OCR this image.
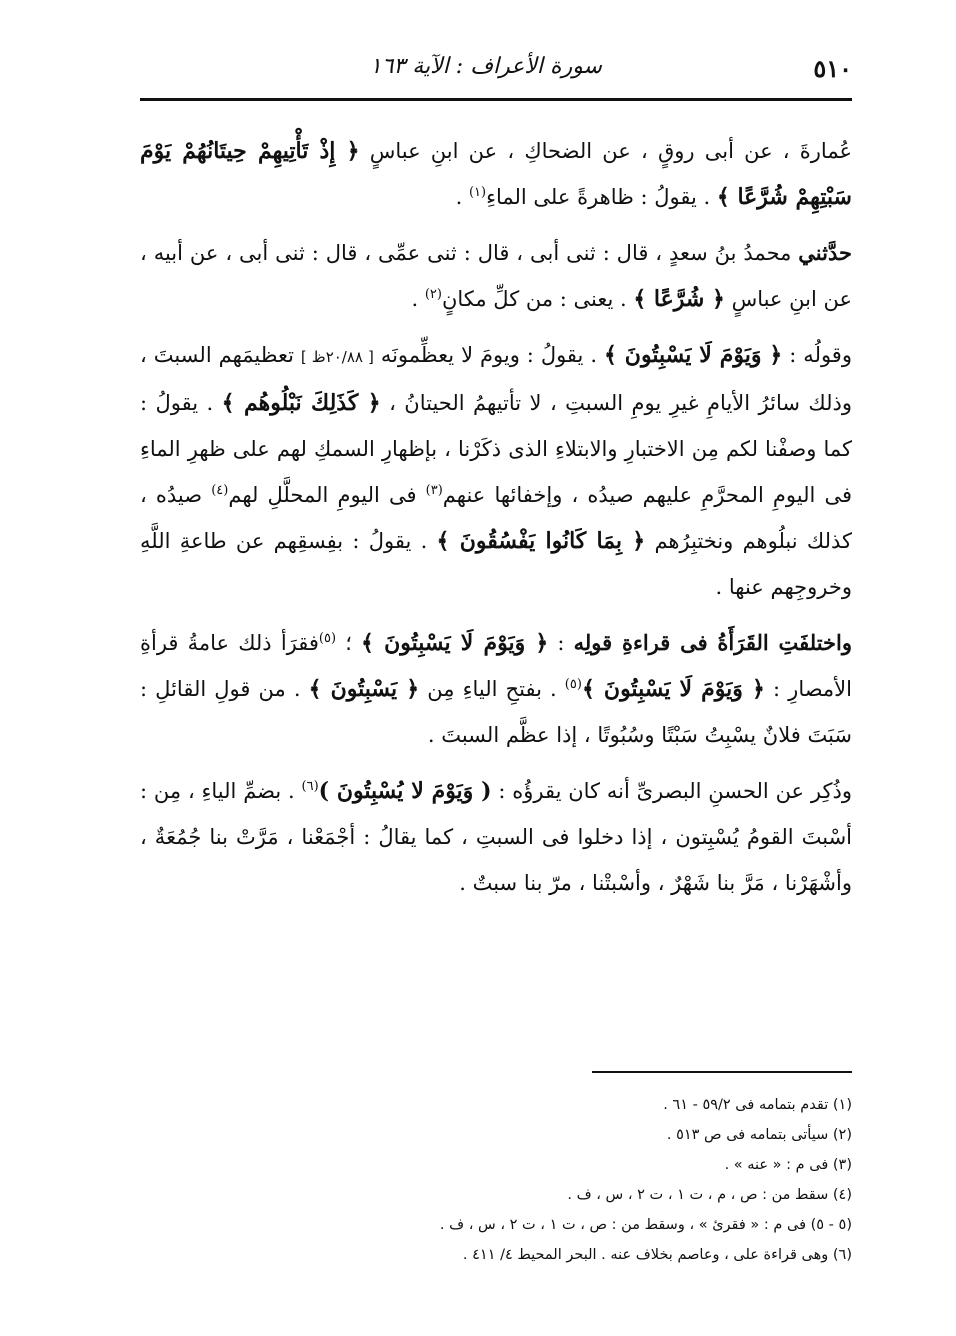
٥١٠
سورة الأعراف : الآية ١٦٣

عُمارةَ ، عن أبى روقٍ ، عن الضحاكِ ، عن ابنِ عباسٍ ﴿ إِذْ تَأْتِيهِمْ حِيتَانُهُمْ يَوْمَ سَبْتِهِمْ شُرَّعًا ﴾ . يقولُ : ظاهرةً على الماءِ$^{(١)}$ .

حدَّثني محمدُ بنُ سعدٍ ، قال : ثنى أبى ، قال : ثنى عمِّى ، قال : ثنى أبى ، عن أبيه ، عن ابنِ عباسٍ ﴿ شُرَّعًا ﴾ . يعنى : من كلِّ مكانٍ$^{(٢)}$ .

وقولُه : ﴿ وَيَوْمَ لَا يَسْبِتُونَ ﴾ . يقولُ : ويومَ لا يعظِّمونَه [ ٢٠/٨٨ظ ] تعظيمَهم السبتَ ، وذلك سائرُ الأيامِ غيرِ يومِ السبتِ ، لا تأتيهمُ الحيتانُ ، ﴿ كَذَلِكَ نَبْلُوهُم ﴾ . يقولُ : كما وصفْنا لكم مِن الاختبارِ والابتلاءِ الذى ذكَرْنا ، بإظهارِ السمكِ لهم على ظهرِ الماءِ فى اليومِ المحرَّمِ عليهم صيدُه ، وإخفائها عنهم$^{(٣)}$ فى اليومِ المحلَّلِ لهم$^{(٤)}$ صيدُه ، كذلك نبلُوهم ونختبِرُهم ﴿ بِمَا كَانُوا يَفْسُقُونَ ﴾ . يقولُ : بفِسقِهم عن طاعةِ اللَّهِ وخروجِهم عنها .

واختلفَتِ القَرَأَةُ فى قراءةِ قولِه : ﴿ وَيَوْمَ لَا يَسْبِتُونَ ﴾ ؛ $^{(٥)}$فقرَأ ذلك عامةُ قرأةِ الأمصارِ : ﴿ وَيَوْمَ لَا يَسْبِتُونَ ﴾$^{(٥)}$ . بفتحِ الياءِ مِن ﴿ يَسْبِتُونَ ﴾ . من قولِ القائلِ : سَبَتَ فلانٌ يسْبِتُ سَبْتًا وسُبُوتًا ، إذا عظَّم السبتَ .

وذُكِر عن الحسنِ البصرىِّ أنه كان يقرؤُه : ( وَيَوْمَ لا يُسْبِتُونَ )$^{(٦)}$ . بضمِّ الياءِ ، مِن : أسْبتَ القومُ يُسْبِتون ، إذا دخلوا فى السبتِ ، كما يقالُ : أجْمَعْنا ، مَرَّتْ بنا جُمُعَةٌ ، وأشْهَرْنا ، مَرَّ بنا شَهْرٌ ، وأسْبتْنا ، مرّ بنا سبتٌ .

(١) تقدم بتمامه فى ٥٩/٢ - ٦١ .
(٢) سيأتى بتمامه فى ص ٥١٣ .
(٣) فى م : « عنه » .
(٤) سقط من : ص ، م ، ت ١ ، ت ٢ ، س ، ف .
(٥ - ٥) فى م : « فقرئ » ، وسقط من : ص ، ت ١ ، ت ٢ ، س ، ف .
(٦) وهى قراءة على ، وعاصم بخلاف عنه . البحر المحيط ٤/ ٤١١ .
